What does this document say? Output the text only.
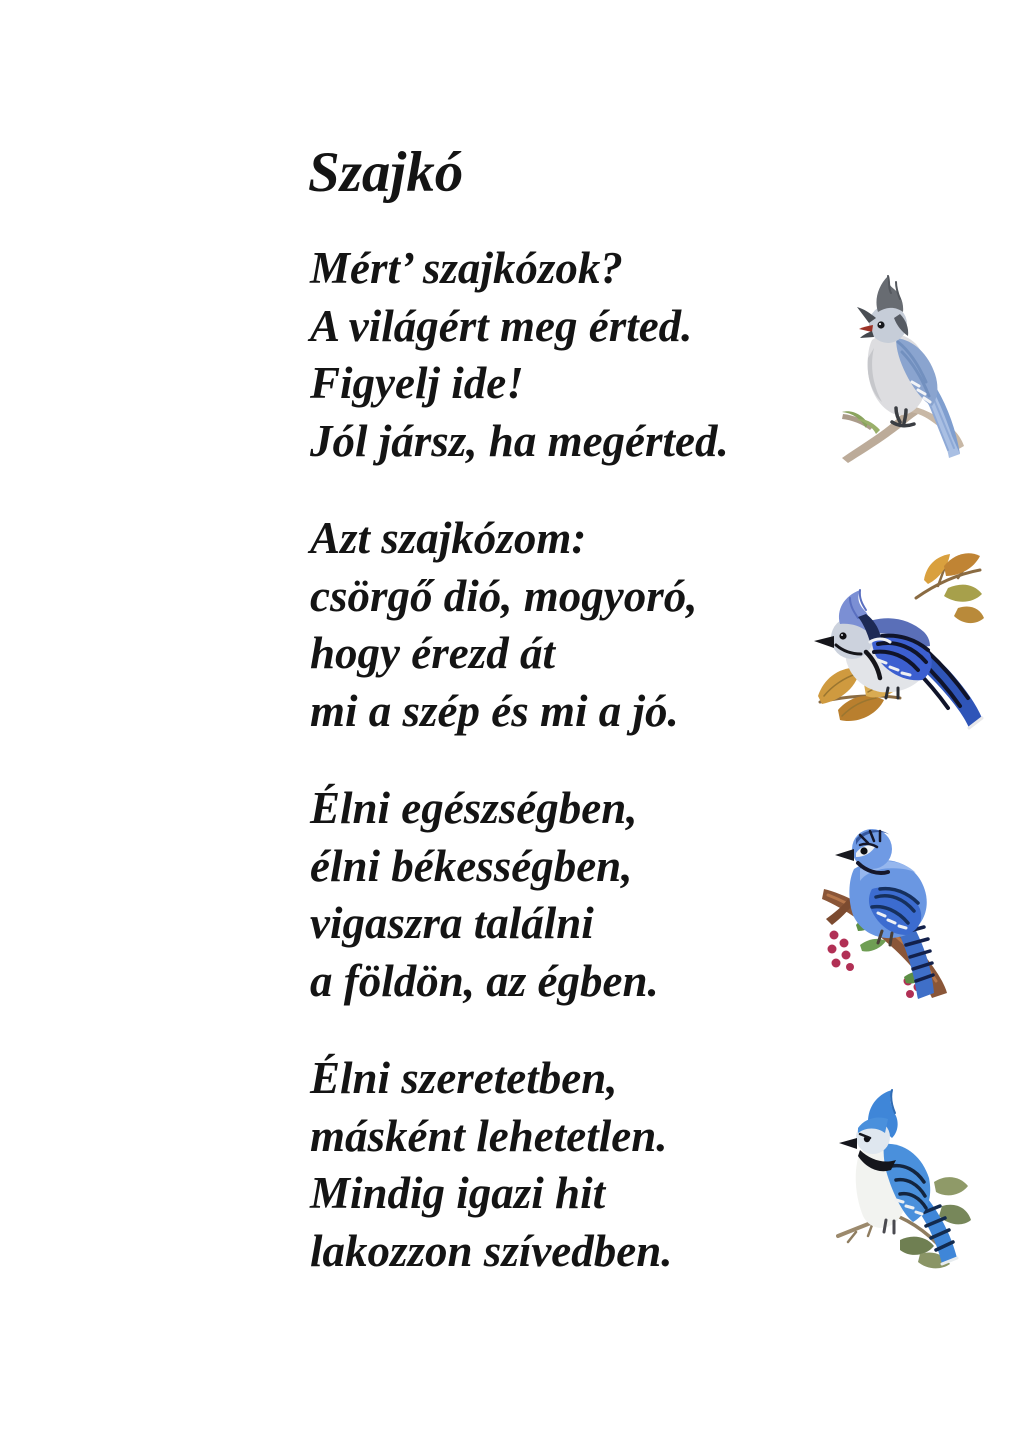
Szajkó

Mért’ szajkózok?

A világért meg érted.

Figyelj ide!

Jól jársz, ha megérted.

Azt szajkózom:

csörgő dió, mogyoró,

hogy érezd át

mi a szép és mi a jó.

Élni egészségben,

élni békességben,

vigaszra találni

a földön, az égben.

Élni szeretetben,

másként lehetetlen.

Mindig igazi hit

lakozzon szívedben.
